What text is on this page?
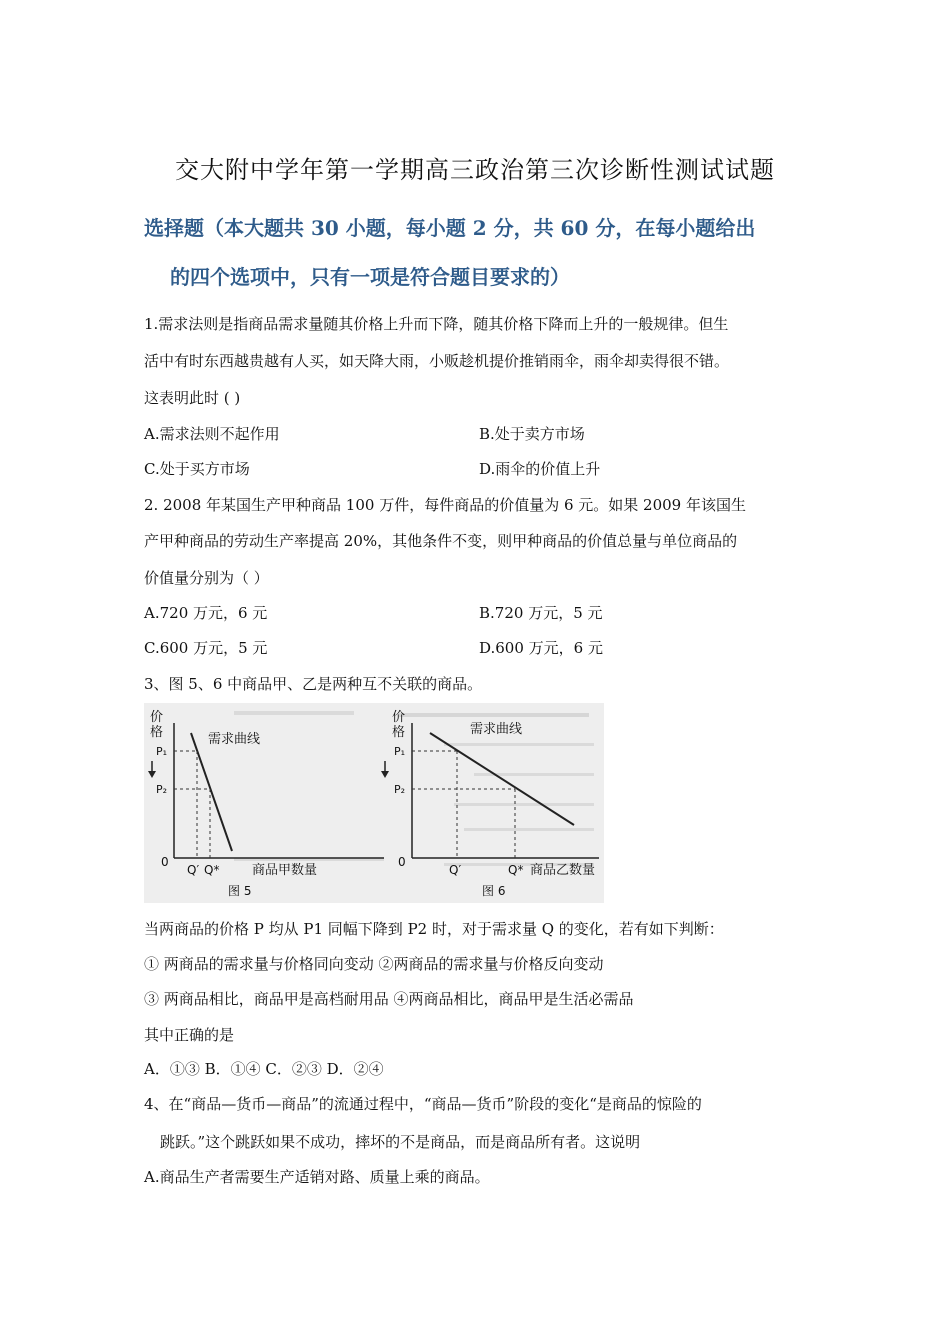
交大附中学年第一学期高三政治第三次诊断性测试试题
选择题（本大题共 30 小题，每小题 2 分，共 60 分，在每小题给出
的四个选项中，只有一项是符合题目要求的）
1.需求法则是指商品需求量随其价格上升而下降，随其价格下降而上升的一般规律。但生
活中有时东西越贵越有人买，如天降大雨，小贩趁机提价推销雨伞，雨伞却卖得很不错。
这表明此时 ( )
A.需求法则不起作用	B.处于卖方市场
C.处于买方市场	D.雨伞的价值上升
2. 2008 年某国生产甲种商品 100 万件，每件商品的价值量为 6 元。如果 2009 年该国生
产甲种商品的劳动生产率提高 20%，其他条件不变，则甲种商品的价值总量与单位商品的
价值量分别为（ ）
A.720 万元，6 元	B.720 万元，5 元
C.600 万元，5 元	D.600 万元，6 元
3、图 5、6 中商品甲、乙是两种互不关联的商品。
价
格	需求曲线
P₁
P₂
0
Q′ Q*	商品甲数量
图 5
价
格	需求曲线
P₁
P₂
0
Q′	Q* 商品乙数量
图 6
当两商品的价格 P 均从 P1 同幅下降到 P2 时，对于需求量 Q 的变化，若有如下判断：
① 两商品的需求量与价格同向变动 ②两商品的需求量与价格反向变动
③ 两商品相比，商品甲是高档耐用品 ④两商品相比，商品甲是生活必需品
其中正确的是
A．①③ B．①④ C．②③ D．②④
4、在“商品—货币—商品”的流通过程中，“商品—货币”阶段的变化“是商品的惊险的
跳跃。”这个跳跃如果不成功，摔坏的不是商品，而是商品所有者。这说明
A.商品生产者需要生产适销对路、质量上乘的商品。
